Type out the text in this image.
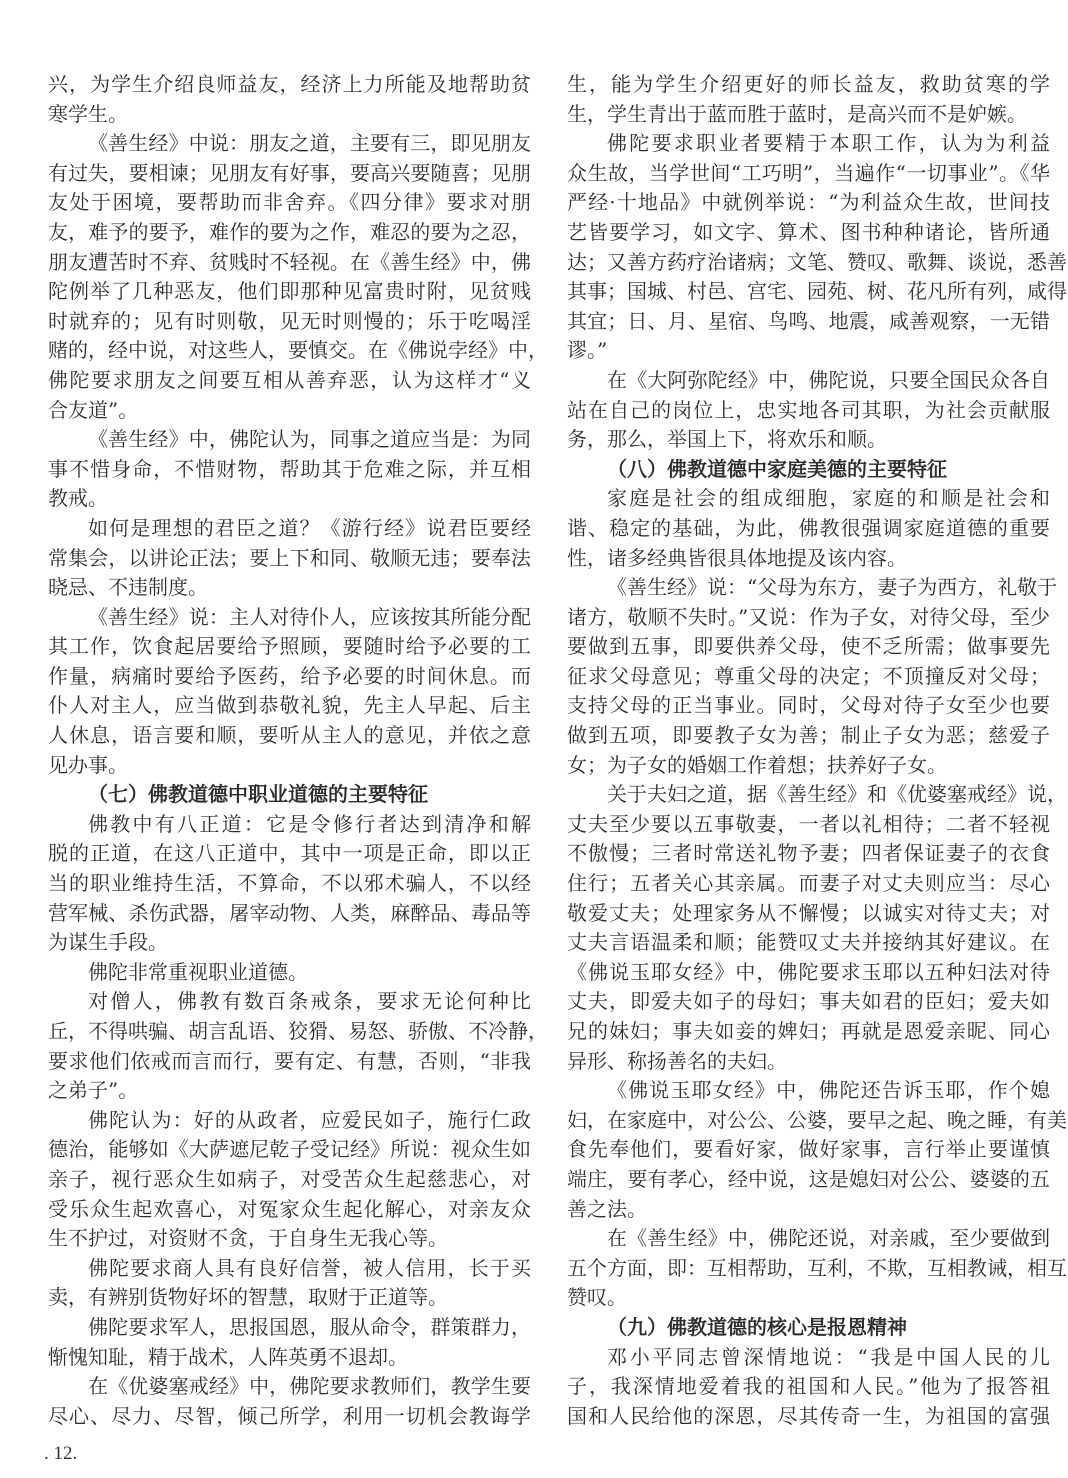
兴，为学生介绍良师益友，经济上力所能及地帮助贫
寒学生。
《善生经》中说：朋友之道，主要有三，即见朋友
有过失，要相谏；见朋友有好事，要高兴要随喜；见朋
友处于困境，要帮助而非舍弃。《四分律》要求对朋
友，难予的要予，难作的要为之作，难忍的要为之忍，
朋友遭苦时不弃、贫贱时不轻视。在《善生经》中，佛
陀例举了几种恶友，他们即那种见富贵时附，见贫贱
时就弃的；见有时则敬，见无时则慢的；乐于吃喝淫
赌的，经中说，对这些人，要慎交。在《佛说孛经》中，
佛陀要求朋友之间要互相从善弃恶，认为这样才“义
合友道”。
《善生经》中，佛陀认为，同事之道应当是：为同
事不惜身命，不惜财物，帮助其于危难之际，并互相
教戒。
如何是理想的君臣之道？《游行经》说君臣要经
常集会，以讲论正法；要上下和同、敬顺无违；要奉法
晓忌、不违制度。
《善生经》说：主人对待仆人，应该按其所能分配
其工作，饮食起居要给予照顾，要随时给予必要的工
作量，病痛时要给予医药，给予必要的时间休息。而
仆人对主人，应当做到恭敬礼貌，先主人早起、后主
人休息，语言要和顺，要听从主人的意见，并依之意
见办事。
（七）佛教道德中职业道德的主要特征
佛教中有八正道：它是令修行者达到清净和解
脱的正道，在这八正道中，其中一项是正命，即以正
当的职业维持生活，不算命，不以邪术骗人，不以经
营军械、杀伤武器，屠宰动物、人类，麻醉品、毒品等
为谋生手段。
佛陀非常重视职业道德。
对僧人，佛教有数百条戒条，要求无论何种比
丘，不得哄骗、胡言乱语、狡猾、易怒、骄傲、不冷静，
要求他们依戒而言而行，要有定、有慧，否则，“非我
之弟子”。
佛陀认为：好的从政者，应爱民如子，施行仁政
德治，能够如《大萨遮尼乾子受记经》所说：视众生如
亲子，视行恶众生如病子，对受苦众生起慈悲心，对
受乐众生起欢喜心，对冤家众生起化解心，对亲友众
生不护过，对资财不贪，于自身生无我心等。
佛陀要求商人具有良好信誉，被人信用，长于买
卖，有辨别货物好坏的智慧，取财于正道等。
佛陀要求军人，思报国恩，服从命令，群策群力，
惭愧知耻，精于战术，人阵英勇不退却。
在《优婆塞戒经》中，佛陀要求教师们，教学生要
尽心、尽力、尽智，倾己所学，利用一切机会教诲学
生，能为学生介绍更好的师长益友，救助贫寒的学
生，学生青出于蓝而胜于蓝时，是高兴而不是妒嫉。
佛陀要求职业者要精于本职工作，认为为利益
众生故，当学世间“工巧明”，当遍作“一切事业”。《华
严经·十地品》中就例举说：“为利益众生故，世间技
艺皆要学习，如文字、算术、图书种种诸论，皆所通
达；又善方药疗治诸病；文笔、赞叹、歌舞、谈说，悉善
其事；国城、村邑、宫宅、园苑、树、花凡所有列，咸得
其宜；日、月、星宿、鸟鸣、地震，咸善观察，一无错
谬。”
在《大阿弥陀经》中，佛陀说，只要全国民众各自
站在自己的岗位上，忠实地各司其职，为社会贡献服
务，那么，举国上下，将欢乐和顺。
（八）佛教道德中家庭美德的主要特征
家庭是社会的组成细胞，家庭的和顺是社会和
谐、稳定的基础，为此，佛教很强调家庭道德的重要
性，诸多经典皆很具体地提及该内容。
《善生经》说：“父母为东方，妻子为西方，礼敬于
诸方，敬顺不失时。”又说：作为子女，对待父母，至少
要做到五事，即要供养父母，使不乏所需；做事要先
征求父母意见；尊重父母的决定；不顶撞反对父母；
支持父母的正当事业。同时，父母对待子女至少也要
做到五项，即要教子女为善；制止子女为恶；慈爱子
女；为子女的婚姻工作着想；扶养好子女。
关于夫妇之道，据《善生经》和《优婆塞戒经》说，
丈夫至少要以五事敬妻，一者以礼相待；二者不轻视
不傲慢；三者时常送礼物予妻；四者保证妻子的衣食
住行；五者关心其亲属。而妻子对丈夫则应当：尽心
敬爱丈夫；处理家务从不懈慢；以诚实对待丈夫；对
丈夫言语温柔和顺；能赞叹丈夫并接纳其好建议。在
《佛说玉耶女经》中，佛陀要求玉耶以五种妇法对待
丈夫，即爱夫如子的母妇；事夫如君的臣妇；爱夫如
兄的妹妇；事夫如妾的婢妇；再就是恩爱亲昵、同心
异形、称扬善名的夫妇。
《佛说玉耶女经》中，佛陀还告诉玉耶，作个媳
妇，在家庭中，对公公、公婆，要早之起、晚之睡，有美
食先奉他们，要看好家，做好家事，言行举止要谨慎
端庄，要有孝心，经中说，这是媳妇对公公、婆婆的五
善之法。
在《善生经》中，佛陀还说，对亲戚，至少要做到
五个方面，即：互相帮助，互利，不欺，互相教诫，相互
赞叹。
（九）佛教道德的核心是报恩精神
邓小平同志曾深情地说：“我是中国人民的儿
子，我深情地爱着我的祖国和人民。”他为了报答祖
国和人民给他的深恩，尽其传奇一生，为祖国的富强
. 12.
